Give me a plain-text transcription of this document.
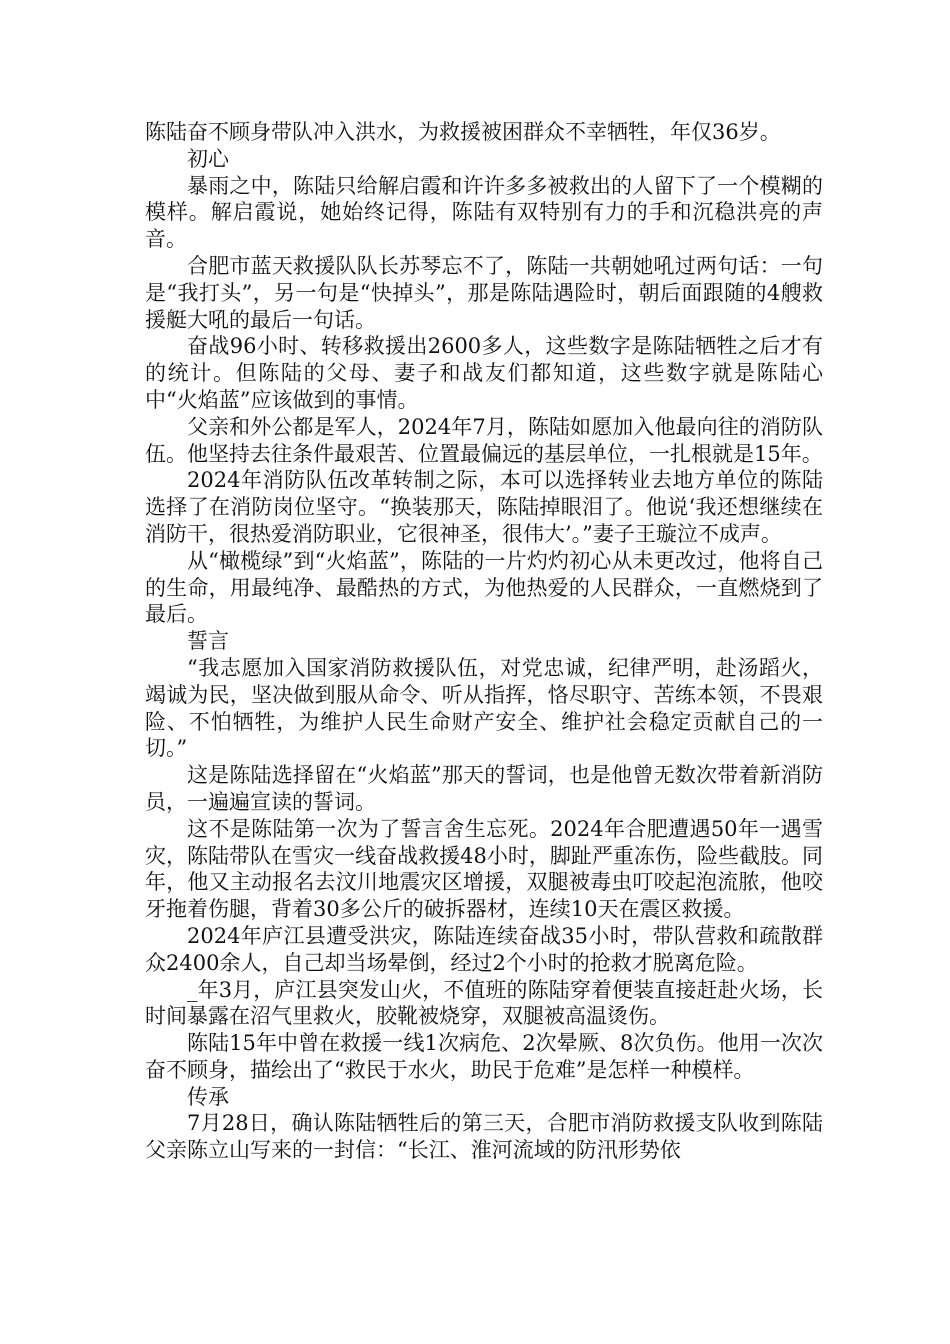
陈陆奋不顾身带队冲入洪水，为救援被困群众不幸牺牲，年仅36岁。

初心

暴雨之中，陈陆只给解启霞和许许多多被救出的人留下了一个模糊的模样。解启霞说，她始终记得，陈陆有双特别有力的手和沉稳洪亮的声音。

合肥市蓝天救援队队长苏琴忘不了，陈陆一共朝她吼过两句话：一句是“我打头”，另一句是“快掉头”，那是陈陆遇险时，朝后面跟随的4艘救援艇大吼的最后一句话。

奋战96小时、转移救援出2600多人，这些数字是陈陆牺牲之后才有的统计。但陈陆的父母、妻子和战友们都知道，这些数字就是陈陆心中“火焰蓝”应该做到的事情。

父亲和外公都是军人，2024年7月，陈陆如愿加入他最向往的消防队伍。他坚持去往条件最艰苦、位置最偏远的基层单位，一扎根就是15年。

2024年消防队伍改革转制之际，本可以选择转业去地方单位的陈陆选择了在消防岗位坚守。“换装那天，陈陆掉眼泪了。他说‘我还想继续在消防干，很热爱消防职业，它很神圣，很伟大’。”妻子王璇泣不成声。

从“橄榄绿”到“火焰蓝”，陈陆的一片灼灼初心从未更改过，他将自己的生命，用最纯净、最酷热的方式，为他热爱的人民群众，一直燃烧到了最后。

誓言

“我志愿加入国家消防救援队伍，对党忠诚，纪律严明，赴汤蹈火，竭诚为民，坚决做到服从命令、听从指挥，恪尽职守、苦练本领，不畏艰险、不怕牺牲，为维护人民生命财产安全、维护社会稳定贡献自己的一切。”

这是陈陆选择留在“火焰蓝”那天的誓词，也是他曾无数次带着新消防员，一遍遍宣读的誓词。

这不是陈陆第一次为了誓言舍生忘死。2024年合肥遭遇50年一遇雪灾，陈陆带队在雪灾一线奋战救援48小时，脚趾严重冻伤，险些截肢。同年，他又主动报名去汶川地震灾区增援，双腿被毒虫叮咬起泡流脓，他咬牙拖着伤腿，背着30多公斤的破拆器材，连续10天在震区救援。

2024年庐江县遭受洪灾，陈陆连续奋战35小时，带队营救和疏散群众2400余人，自己却当场晕倒，经过2个小时的抢救才脱离危险。

_年3月，庐江县突发山火，不值班的陈陆穿着便装直接赶赴火场，长时间暴露在沼气里救火，胶靴被烧穿，双腿被高温烫伤。

陈陆15年中曾在救援一线1次病危、2次晕厥、8次负伤。他用一次次奋不顾身，描绘出了“救民于水火，助民于危难”是怎样一种模样。

传承

7月28日，确认陈陆牺牲后的第三天，合肥市消防救援支队收到陈陆父亲陈立山写来的一封信：“长江、淮河流域的防汛形势依
